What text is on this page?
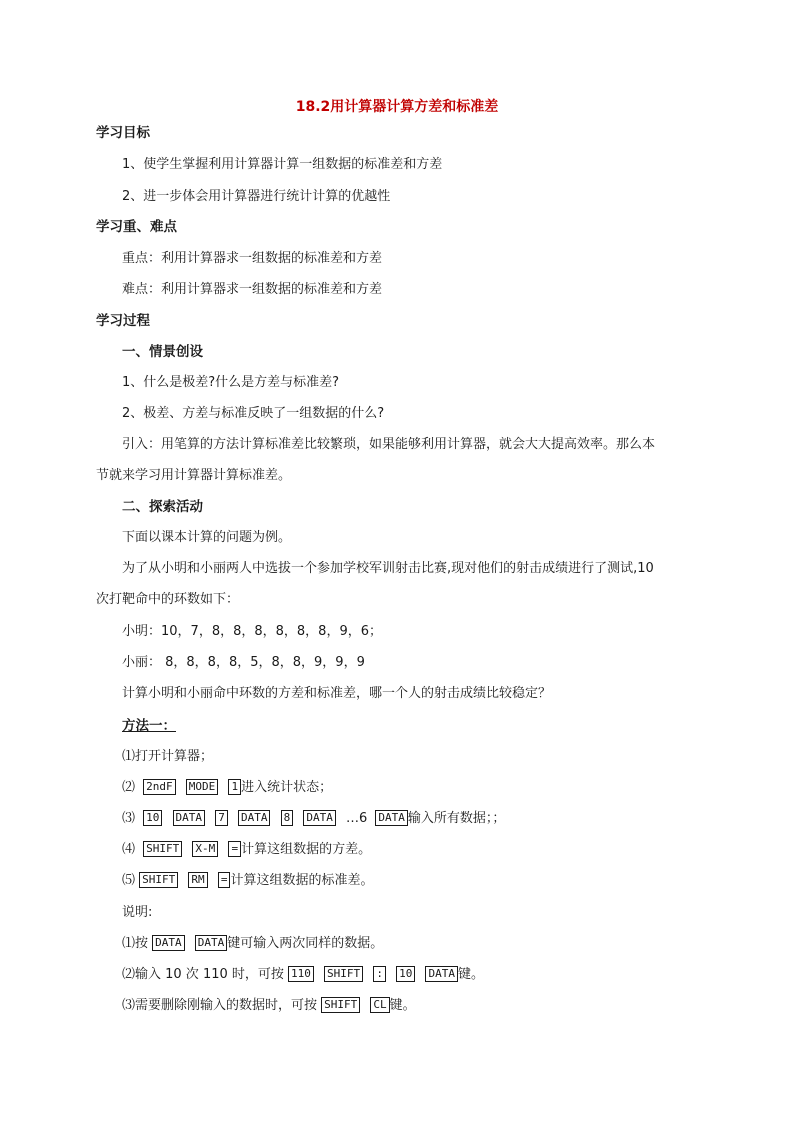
18.2用计算器计算方差和标准差
学习目标
1、使学生掌握利用计算器计算一组数据的标准差和方差
2、进一步体会用计算器进行统计计算的优越性
学习重、难点
重点：利用计算器求一组数据的标准差和方差
难点：利用计算器求一组数据的标准差和方差
学习过程
一、情景创设
1、什么是极差?什么是方差与标准差?
2、极差、方差与标准反映了一组数据的什么?
引入：用笔算的方法计算标准差比较繁琐，如果能够利用计算器，就会大大提高效率。那么本
节就来学习用计算器计算标准差。
二、探索活动
下面以课本计算的问题为例。
为了从小明和小丽两人中选拔一个参加学校军训射击比赛,现对他们的射击成绩进行了测试,10
次打靶命中的环数如下：
小明：10，7，8，8，8，8，8，8，9，6；
小丽： 8，8，8，8，5，8，8，9，9，9
计算小明和小丽命中环数的方差和标准差，哪一个人的射击成绩比较稳定？
方法一：
⑴打开计算器；
⑵ 2ndF MODE 1 进入统计状态；
⑶ 10 DATA 7 DATA 8 DATA …6 DATA 输入所有数据；；
⑷ SHIFT X-M = 计算这组数据的方差。
⑸ SHIFT RM = 计算这组数据的标准差。
说明:
⑴按 DATA DATA 键可输入两次同样的数据。
⑵输入 10 次 110 时，可按 110 SHIFT : 10 DATA 键。
⑶需要删除刚输入的数据时，可按 SHIFT CL 键。
